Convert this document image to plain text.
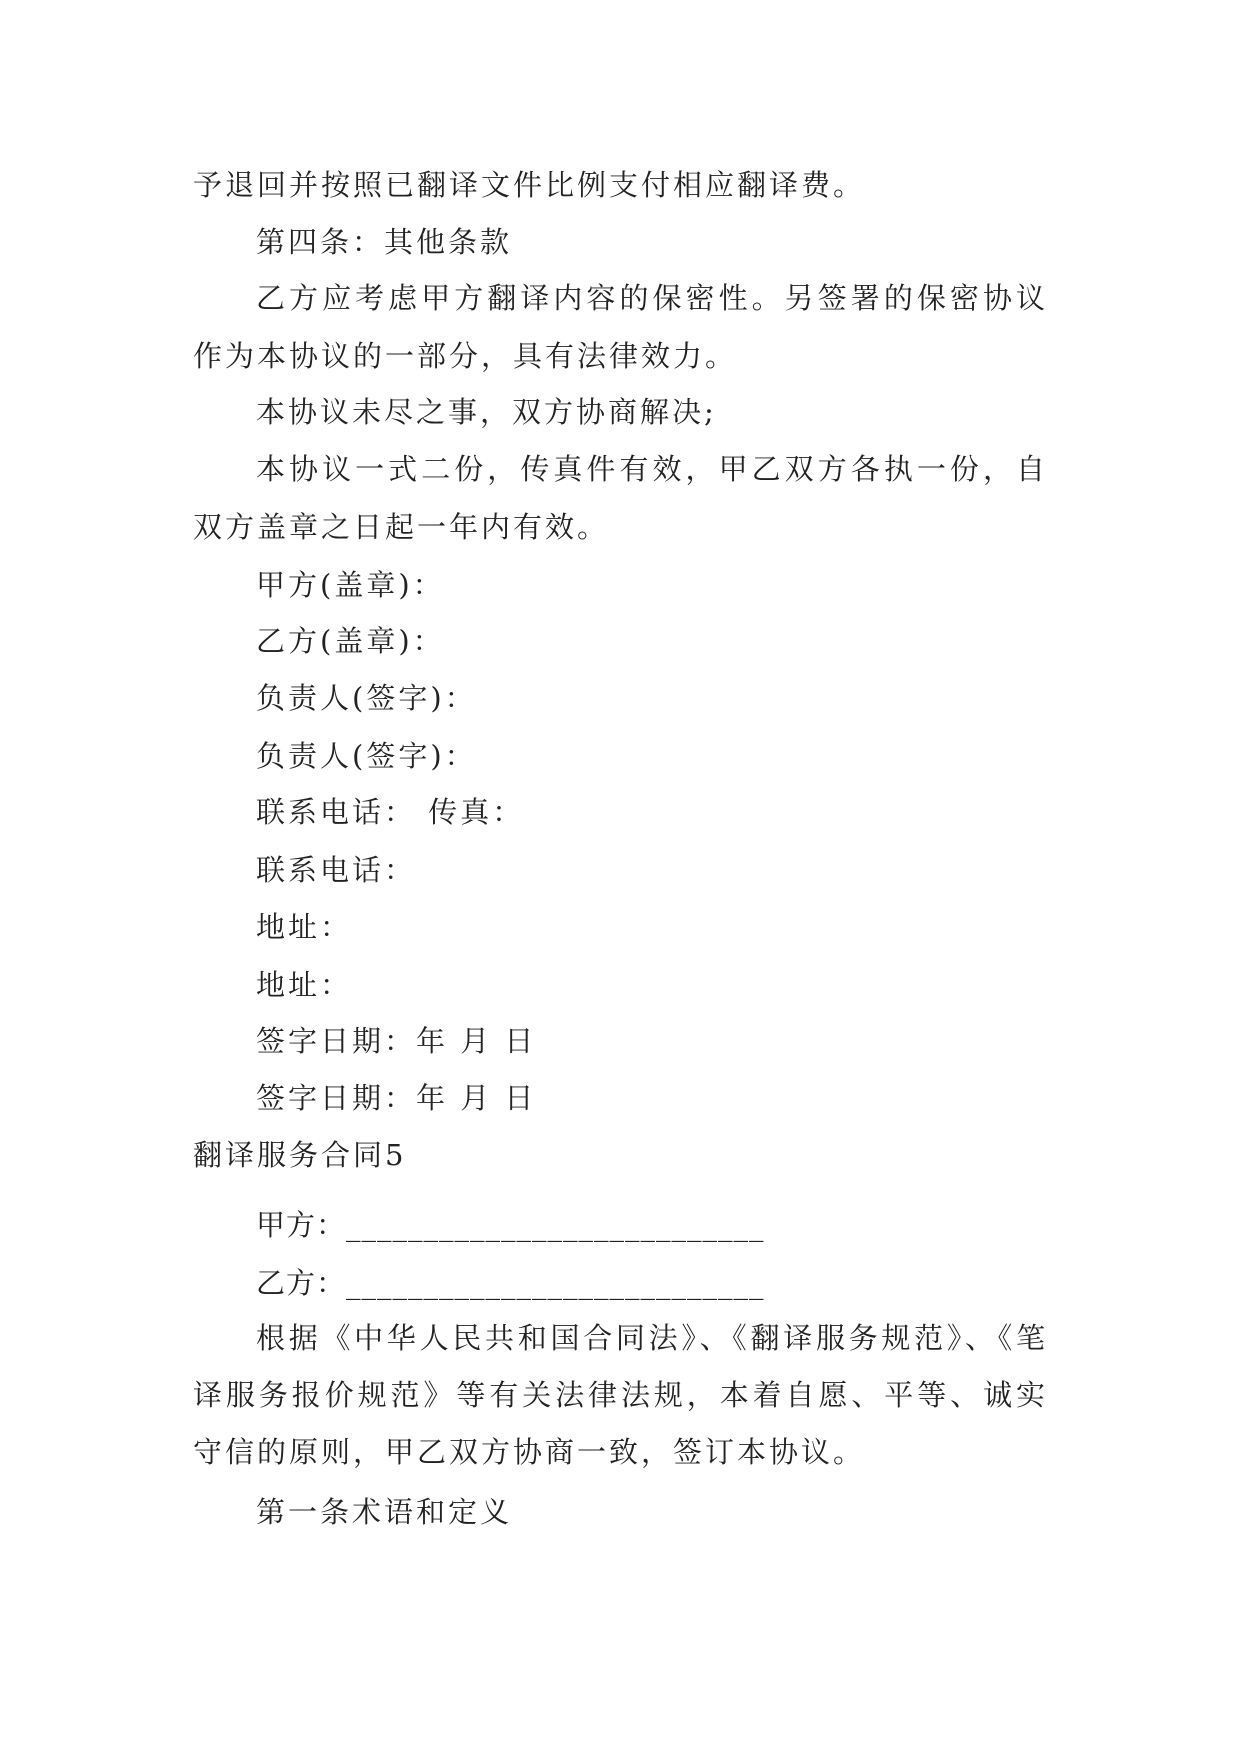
予退回并按照已翻译文件比例支付相应翻译费。
第四条：其他条款
乙方应考虑甲方翻译内容的保密性。另签署的保密协议
作为本协议的一部分，具有法律效力。
本协议未尽之事，双方协商解决;
本协议一式二份，传真件有效，甲乙双方各执一份，自
双方盖章之日起一年内有效。
甲方(盖章)：
乙方(盖章)：
负责人(签字)：
负责人(签字)：
联系电话： 传真：
联系电话：
地址：
地址：
签字日期：年 月 日
签字日期：年 月 日
翻译服务合同5
甲方：___________________________
乙方：___________________________
根据《中华人民共和国合同法》、《翻译服务规范》、《笔
译服务报价规范》等有关法律法规，本着自愿、平等、诚实
守信的原则，甲乙双方协商一致，签订本协议。
第一条术语和定义
